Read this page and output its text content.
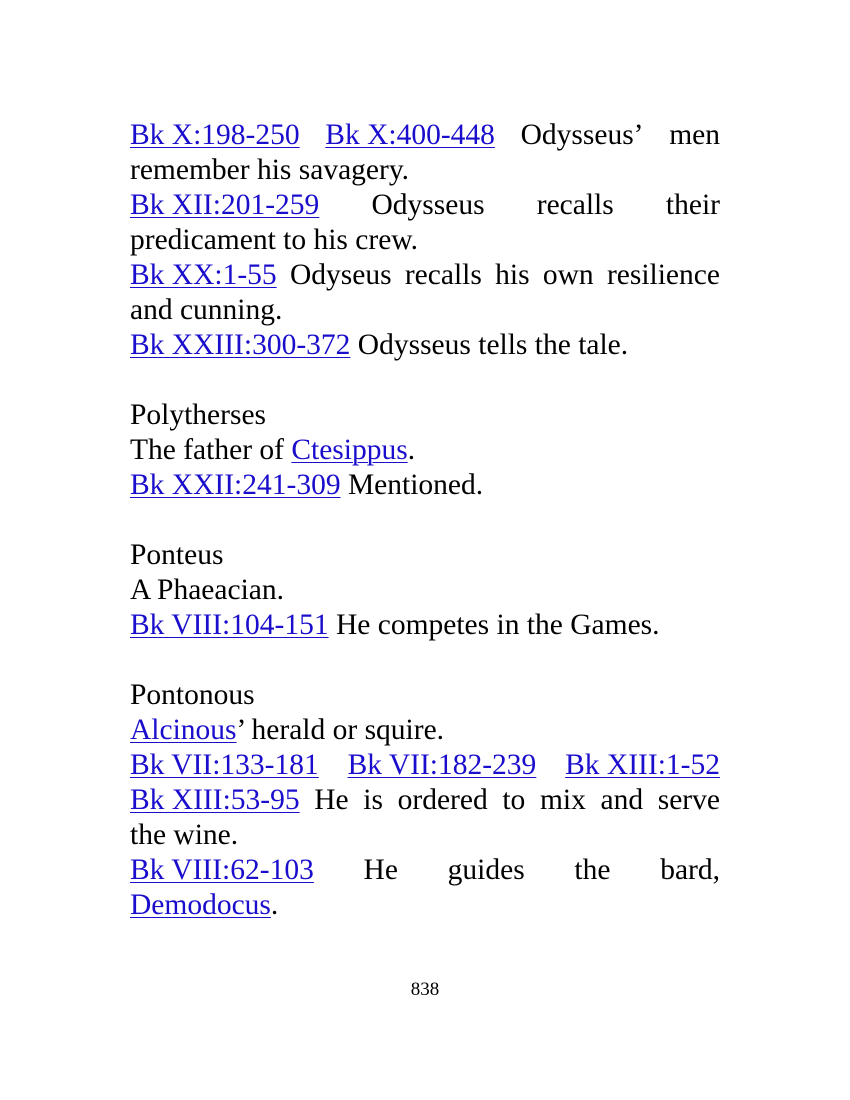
Bk X:198-250 Bk X:400-448 Odysseus’ men
remember his savagery.
Bk XII:201-259 Odysseus recalls their
predicament to his crew.
Bk XX:1-55 Odyseus recalls his own resilience
and cunning.
Bk XXIII:300-372 Odysseus tells the tale.
Polytherses
The father of Ctesippus.
Bk XXII:241-309 Mentioned.
Ponteus
A Phaeacian.
Bk VIII:104-151 He competes in the Games.
Pontonous
Alcinous’ herald or squire.
Bk VII:133-181 Bk VII:182-239 Bk XIII:1-52
Bk XIII:53-95 He is ordered to mix and serve
the wine.
Bk VIII:62-103 He guides the bard,
Demodocus.
838
